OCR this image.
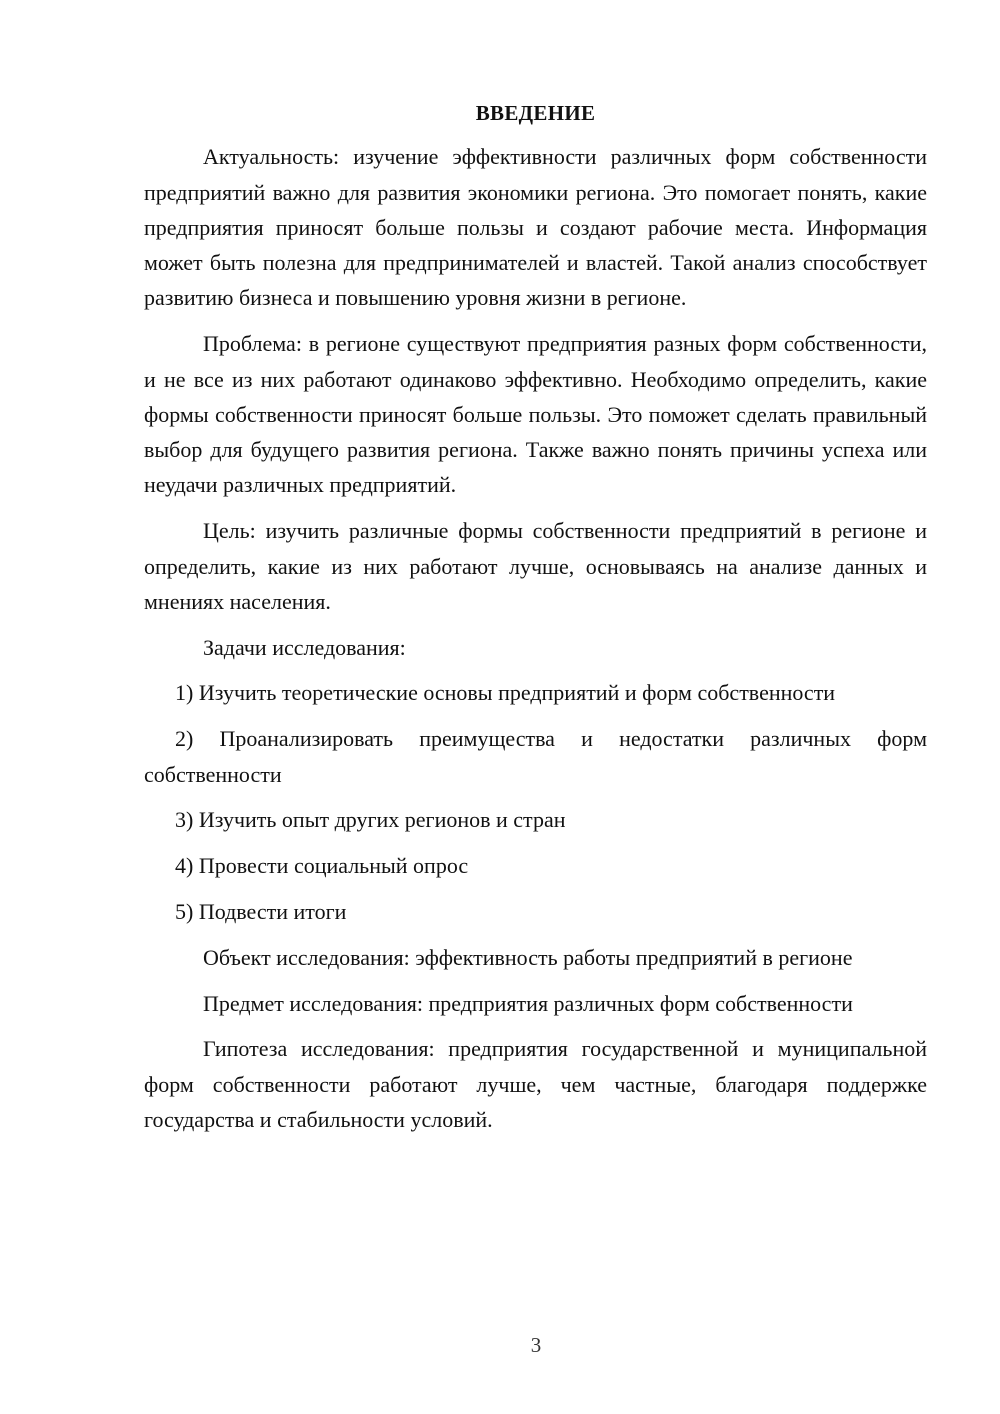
ВВЕДЕНИЕ

Актуальность: изучение эффективности различных форм собственности предприятий важно для развития экономики региона. Это помогает понять, какие предприятия приносят больше пользы и создают рабочие места. Информация может быть полезна для предпринимателей и властей. Такой анализ способствует развитию бизнеса и повышению уровня жизни в регионе.

Проблема: в регионе существуют предприятия разных форм собственности, и не все из них работают одинаково эффективно. Необходимо определить, какие формы собственности приносят больше пользы. Это поможет сделать правильный выбор для будущего развития региона. Также важно понять причины успеха или неудачи различных предприятий.

Цель: изучить различные формы собственности предприятий в регионе и определить, какие из них работают лучше, основываясь на анализе данных и мнениях населения.

Задачи исследования:

1) Изучить теоретические основы предприятий и форм собственности

2) Проанализировать преимущества и недостатки различных форм собственности

3) Изучить опыт других регионов и стран

4) Провести социальный опрос

5) Подвести итоги

Объект исследования: эффективность работы предприятий в регионе

Предмет исследования: предприятия различных форм собственности

Гипотеза исследования: предприятия государственной и муниципальной форм собственности работают лучше, чем частные, благодаря поддержке государства и стабильности условий.

3
